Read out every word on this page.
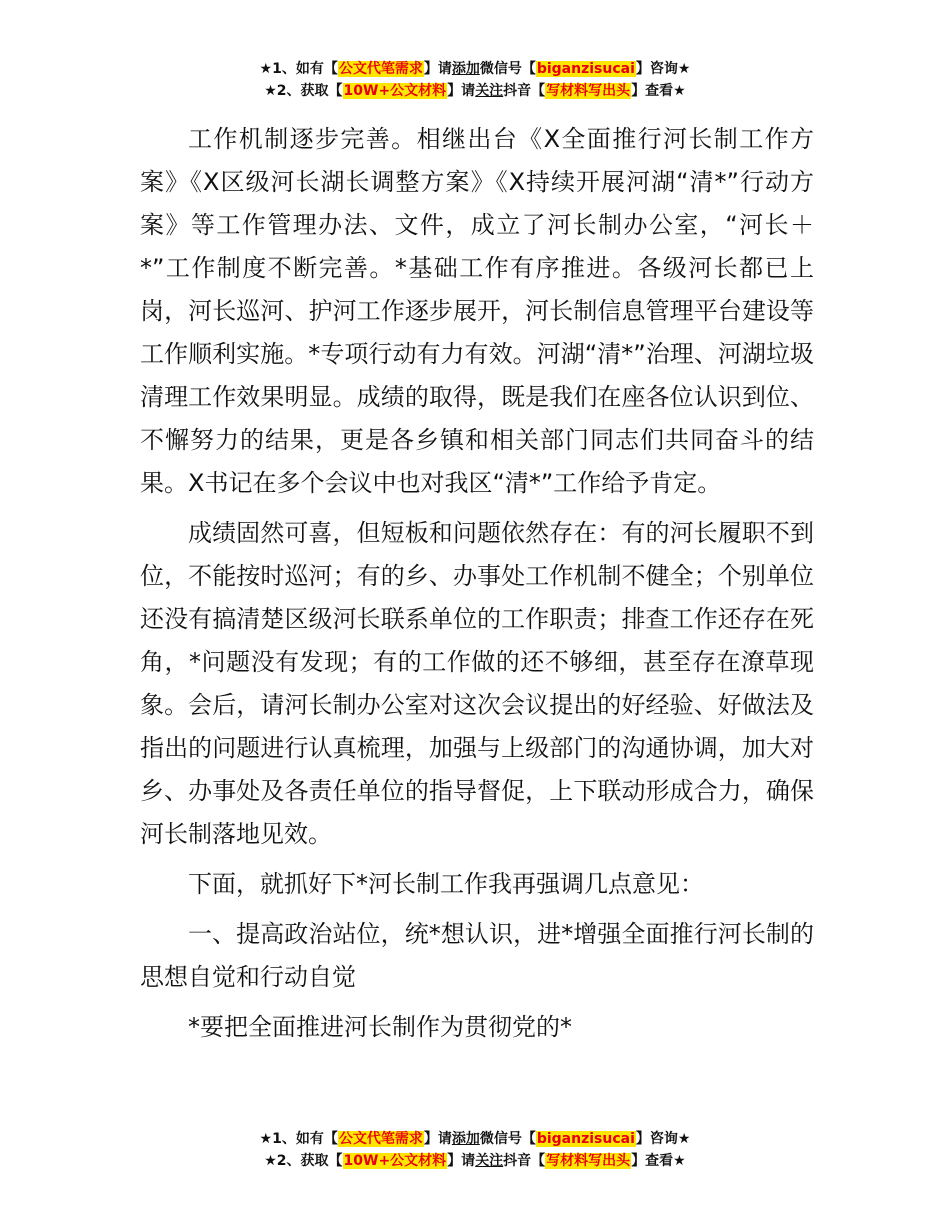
★1、如有【公文代笔需求】请添加微信号【biganzisucai】咨询★
★2、获取【10W+公文材料】请关注抖音【写材料写出头】查看★

工作机制逐步完善。相继出台《X全面推行河长制工作方案》《X区级河长湖长调整方案》《X持续开展河湖“清*”行动方案》等工作管理办法、文件，成立了河长制办公室，“河长＋*”工作制度不断完善。*基础工作有序推进。各级河长都已上岗，河长巡河、护河工作逐步展开，河长制信息管理平台建设等工作顺利实施。*专项行动有力有效。河湖“清*”治理、河湖垃圾清理工作效果明显。成绩的取得，既是我们在座各位认识到位、不懈努力的结果，更是各乡镇和相关部门同志们共同奋斗的结果。X书记在多个会议中也对我区“清*”工作给予肯定。

成绩固然可喜，但短板和问题依然存在：有的河长履职不到位，不能按时巡河；有的乡、办事处工作机制不健全；个别单位还没有搞清楚区级河长联系单位的工作职责；排查工作还存在死角，*问题没有发现；有的工作做的还不够细，甚至存在潦草现象。会后，请河长制办公室对这次会议提出的好经验、好做法及指出的问题进行认真梳理，加强与上级部门的沟通协调，加大对乡、办事处及各责任单位的指导督促，上下联动形成合力，确保河长制落地见效。

下面，就抓好下*河长制工作我再强调几点意见：

一、提高政治站位，统*想认识，进*增强全面推行河长制的思想自觉和行动自觉

*要把全面推进河长制作为贯彻党的*

★1、如有【公文代笔需求】请添加微信号【biganzisucai】咨询★
★2、获取【10W+公文材料】请关注抖音【写材料写出头】查看★
